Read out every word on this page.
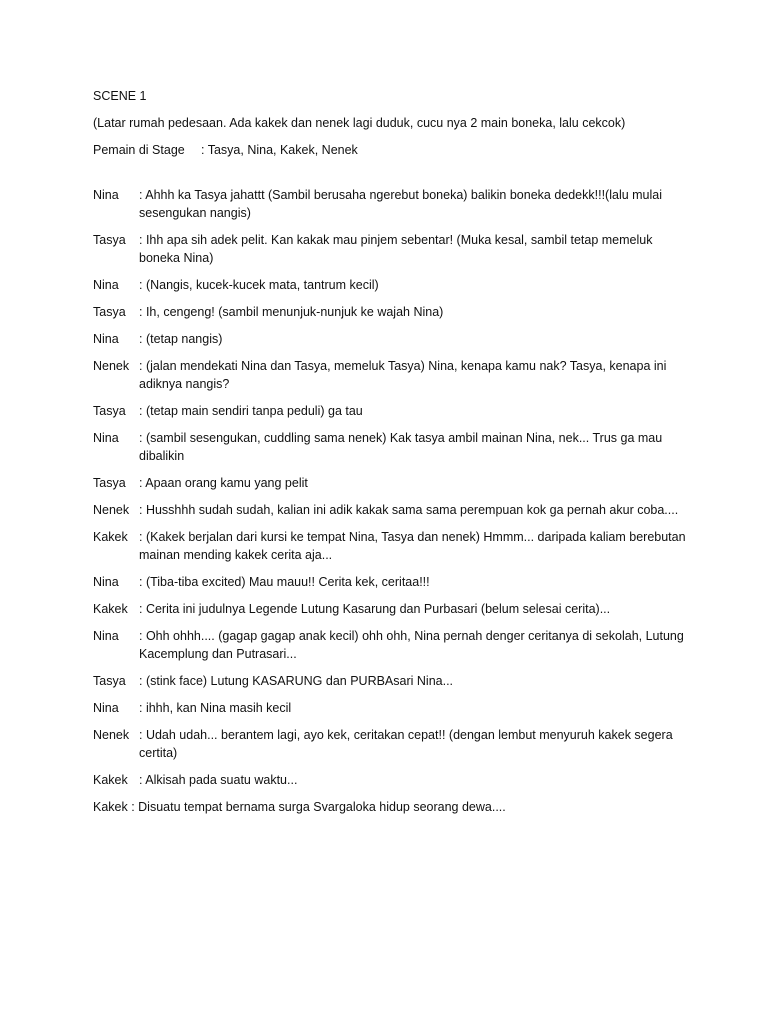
SCENE 1

(Latar rumah pedesaan. Ada kakek dan nenek lagi duduk, cucu nya 2 main boneka, lalu cekcok)

Pemain di Stage	: Tasya, Nina, Kakek, Nenek
Nina	: Ahhh ka Tasya jahattt (Sambil berusaha ngerebut boneka) balikin boneka dedekk!!!(lalu mulai sesengukan nangis)
Tasya	: Ihh apa sih adek pelit. Kan kakak mau pinjem sebentar! (Muka kesal, sambil tetap memeluk boneka Nina)
Nina	: (Nangis, kucek-kucek mata, tantrum kecil)
Tasya	: Ih, cengeng! (sambil menunjuk-nunjuk ke wajah Nina)
Nina	: (tetap nangis)
Nenek : (jalan mendekati Nina dan Tasya, memeluk Tasya) Nina, kenapa kamu nak? Tasya, kenapa ini adiknya nangis?
Tasya	: (tetap main sendiri tanpa peduli) ga tau
Nina	: (sambil sesengukan, cuddling sama nenek) Kak tasya ambil mainan Nina, nek... Trus ga mau dibalikin
Tasya	: Apaan orang kamu yang pelit
Nenek : Husshhh sudah sudah, kalian ini adik kakak sama sama perempuan kok ga pernah akur coba....
Kakek : (Kakek berjalan dari kursi ke tempat Nina, Tasya dan nenek) Hmmm... daripada kaliam berebutan mainan mending kakek cerita aja...
Nina	: (Tiba-tiba excited) Mau mauu!! Cerita kek, ceritaa!!!
Kakek : Cerita ini judulnya Legende Lutung Kasarung dan Purbasari (belum selesai cerita)...
Nina	: Ohh ohhh.... (gagap gagap anak kecil) ohh ohh, Nina pernah denger ceritanya di sekolah, Lutung Kacemplung dan Putrasari...
Tasya	: (stink face) Lutung KASARUNG dan PURBAsari Nina...
Nina	: ihhh, kan Nina masih kecil
Nenek : Udah udah... berantem lagi, ayo kek, ceritakan cepat!! (dengan lembut menyuruh kakek segera certita)
Kakek : Alkisah pada suatu waktu...

Kakek : Disuatu tempat bernama surga Svargaloka hidup seorang dewa....
